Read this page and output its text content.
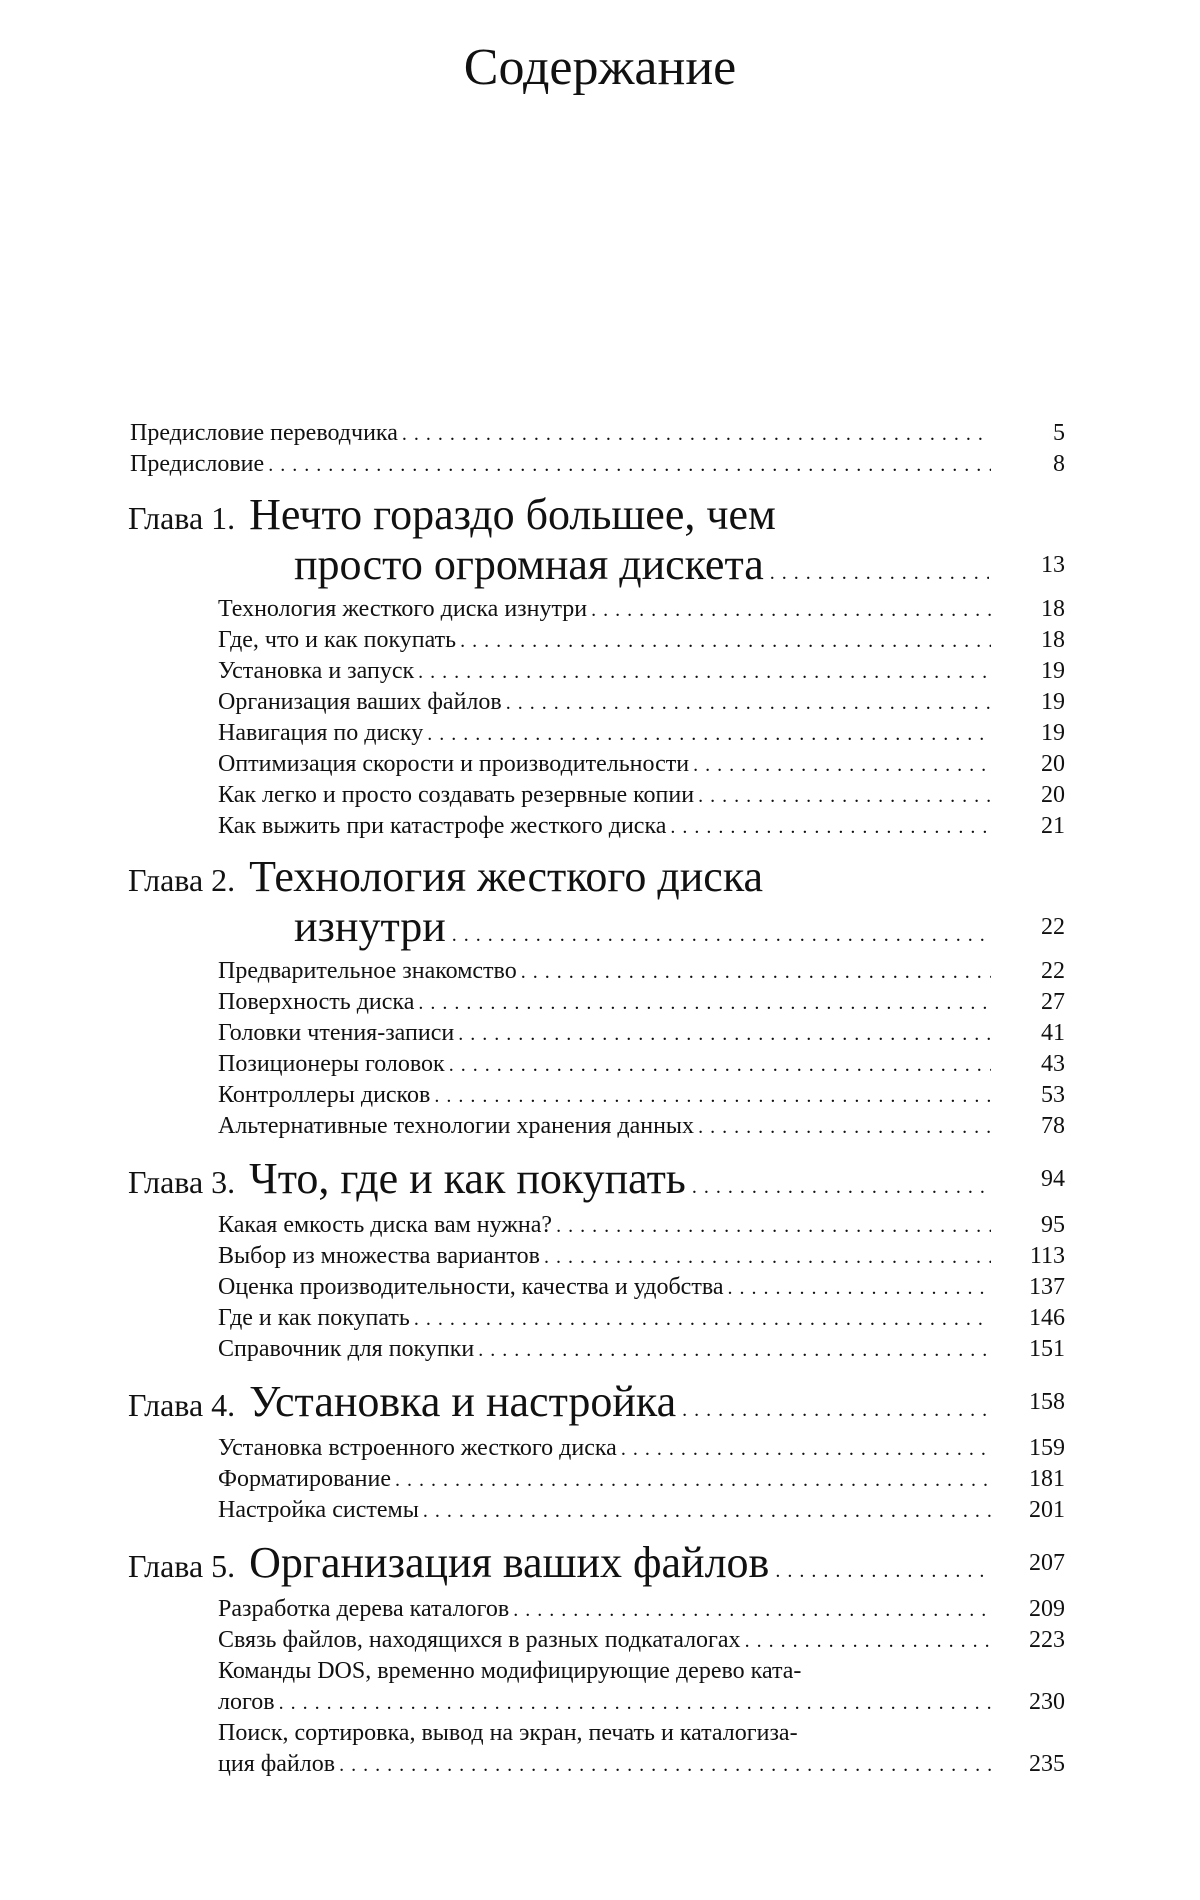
Содержание
Предисловие переводчика . . .	5
Предисловие . . .	8
Глава 1. Нечто гораздо большее, чем
просто огромная дискета . . .	13
Технология жесткого диска изнутри . . .	18
Где, что и как покупать . . .	18
Установка и запуск . . .	19
Организация ваших файлов . . .	19
Навигация по диску . . .	19
Оптимизация скорости и производительности . . .	20
Как легко и просто создавать резервные копии . . .	20
Как выжить при катастрофе жесткого диска . . .	21
Глава 2. Технология жесткого диска
изнутри . . .	22
Предварительное знакомство . . .	22
Поверхность диска . . .	27
Головки чтения-записи . . .	41
Позиционеры головок . . .	43
Контроллеры дисков . . .	53
Альтернативные технологии хранения данных . . .	78
Глава 3. Что, где и как покупать . . .	94
Какая емкость диска вам нужна? . . .	95
Выбор из множества вариантов . . .	113
Оценка производительности, качества и удобства . . .	137
Где и как покупать . . .	146
Справочник для покупки . . .	151
Глава 4. Установка и настройка . . .	158
Установка встроенного жесткого диска . . .	159
Форматирование . . .	181
Настройка системы . . .	201
Глава 5. Организация ваших файлов . . .	207
Разработка дерева каталогов . . .	209
Связь файлов, находящихся в разных подкаталогах . . .	223
Команды DOS, временно модифицирующие дерево ката-
логов . . .	230
Поиск, сортировка, вывод на экран, печать и каталогиза-
ция файлов . . .	235
